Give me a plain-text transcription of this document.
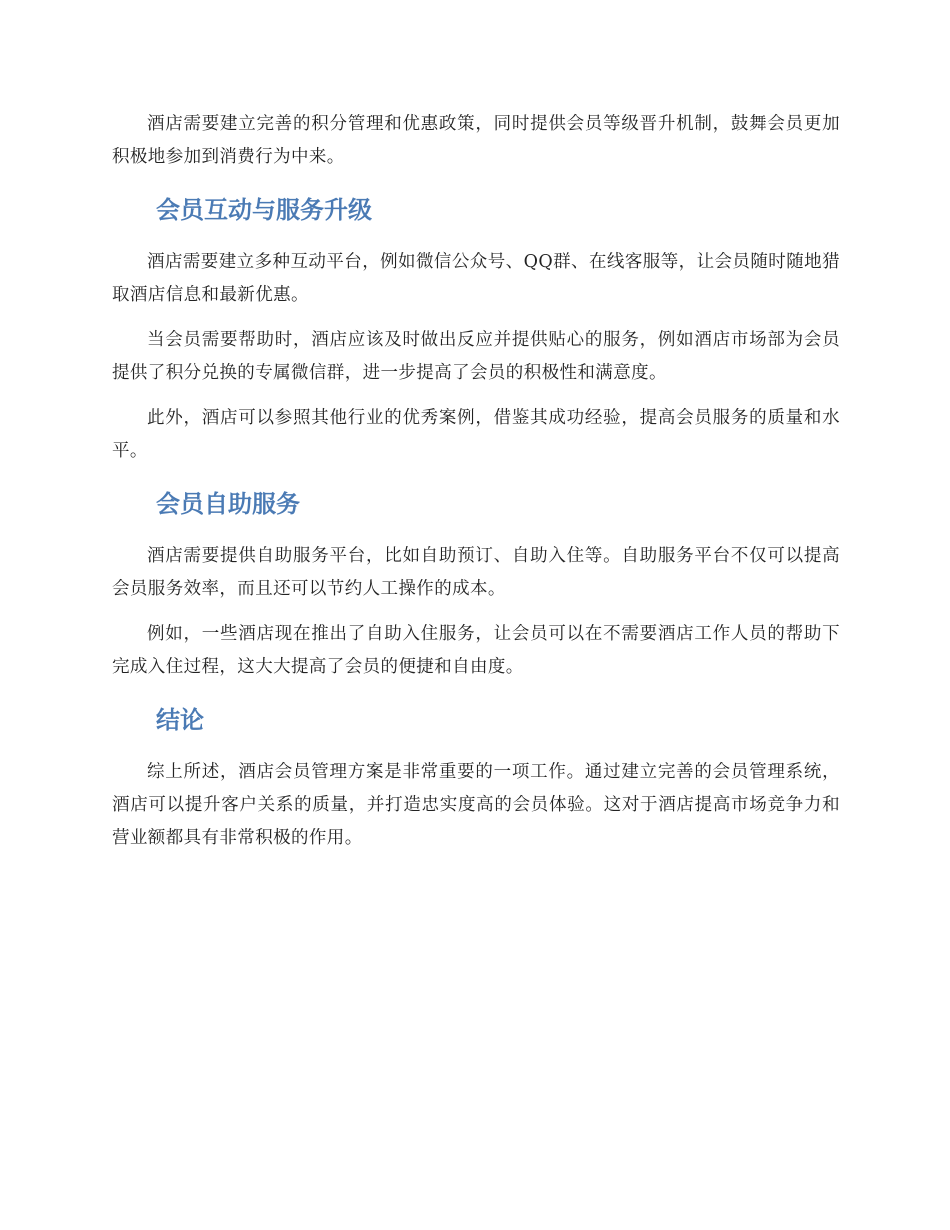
酒店需要建立完善的积分管理和优惠政策，同时提供会员等级晋升机制，鼓舞会员更加积极地参加到消费行为中来。

会员互动与服务升级

酒店需要建立多种互动平台，例如微信公众号、QQ群、在线客服等，让会员随时随地猎取酒店信息和最新优惠。

当会员需要帮助时，酒店应该及时做出反应并提供贴心的服务，例如酒店市场部为会员提供了积分兑换的专属微信群，进一步提高了会员的积极性和满意度。

此外，酒店可以参照其他行业的优秀案例，借鉴其成功经验，提高会员服务的质量和水平。

会员自助服务

酒店需要提供自助服务平台，比如自助预订、自助入住等。自助服务平台不仅可以提高会员服务效率，而且还可以节约人工操作的成本。

例如，一些酒店现在推出了自助入住服务，让会员可以在不需要酒店工作人员的帮助下完成入住过程，这大大提高了会员的便捷和自由度。

结论

综上所述，酒店会员管理方案是非常重要的一项工作。通过建立完善的会员管理系统，酒店可以提升客户关系的质量，并打造忠实度高的会员体验。这对于酒店提高市场竞争力和营业额都具有非常积极的作用。
